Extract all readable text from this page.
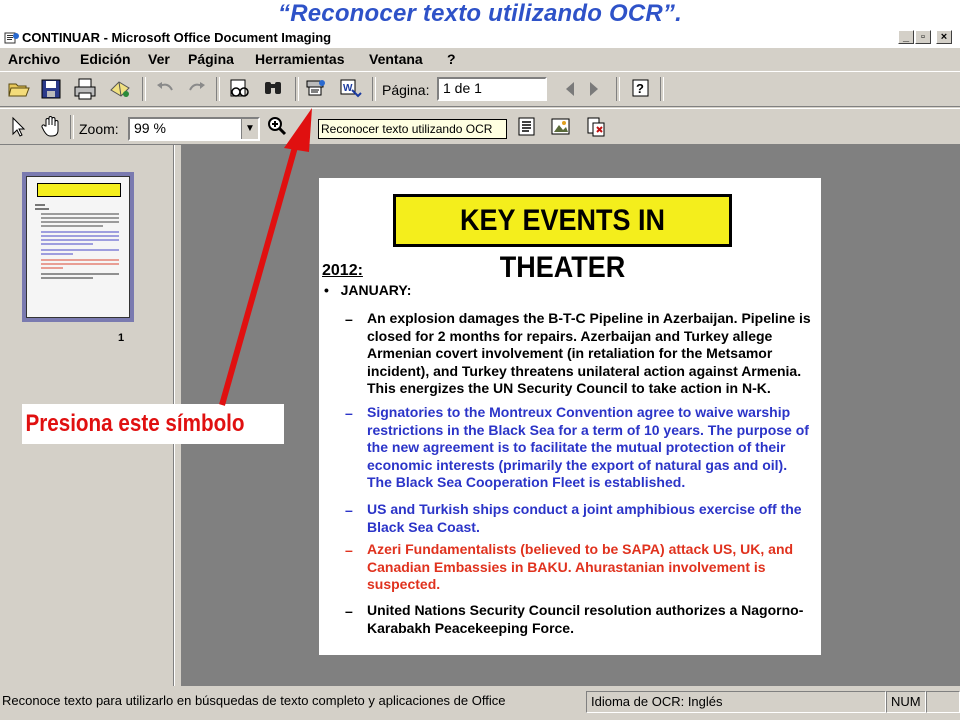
“Reconocer texto utilizando OCR”.
CONTINUAR - Microsoft Office Document Imaging	_	▫	×
Archivo Edición Ver Página Herramientas Ventana ?
W Página: 1 de 1	?
Zoom:	99 %	▼
1
KEY EVENTS IN THEATER
2012:
•   JANUARY:
– An explosion damages the B-T-C Pipeline in Azerbaijan. Pipeline is closed for 2 months for repairs. Azerbaijan and Turkey allege Armenian covert involvement (in retaliation for the Metsamor incident), and Turkey threatens unilateral action against Armenia. This energizes the UN Security Council to take action in N-K.
– Signatories to the Montreux Convention agree to waive warship restrictions in the Black Sea for a term of 10 years. The purpose of the new agreement is to facilitate the mutual protection of their economic interests (primarily the export of natural gas and oil). The Black Sea Cooperation Fleet is established.
– US and Turkish ships conduct a joint amphibious exercise off the Black Sea Coast.
– Azeri Fundamentalists (believed to be SAPA) attack US, UK, and Canadian Embassies in BAKU. Ahurastanian involvement is suspected.
– United Nations Security Council resolution authorizes a Nagorno-Karabakh Peacekeeping Force.
Reconoce texto para utilizarlo en búsquedas de texto completo y aplicaciones de Office	Idioma de OCR: Inglés	NUM
Reconocer texto utilizando OCR
Presiona este símbolo
